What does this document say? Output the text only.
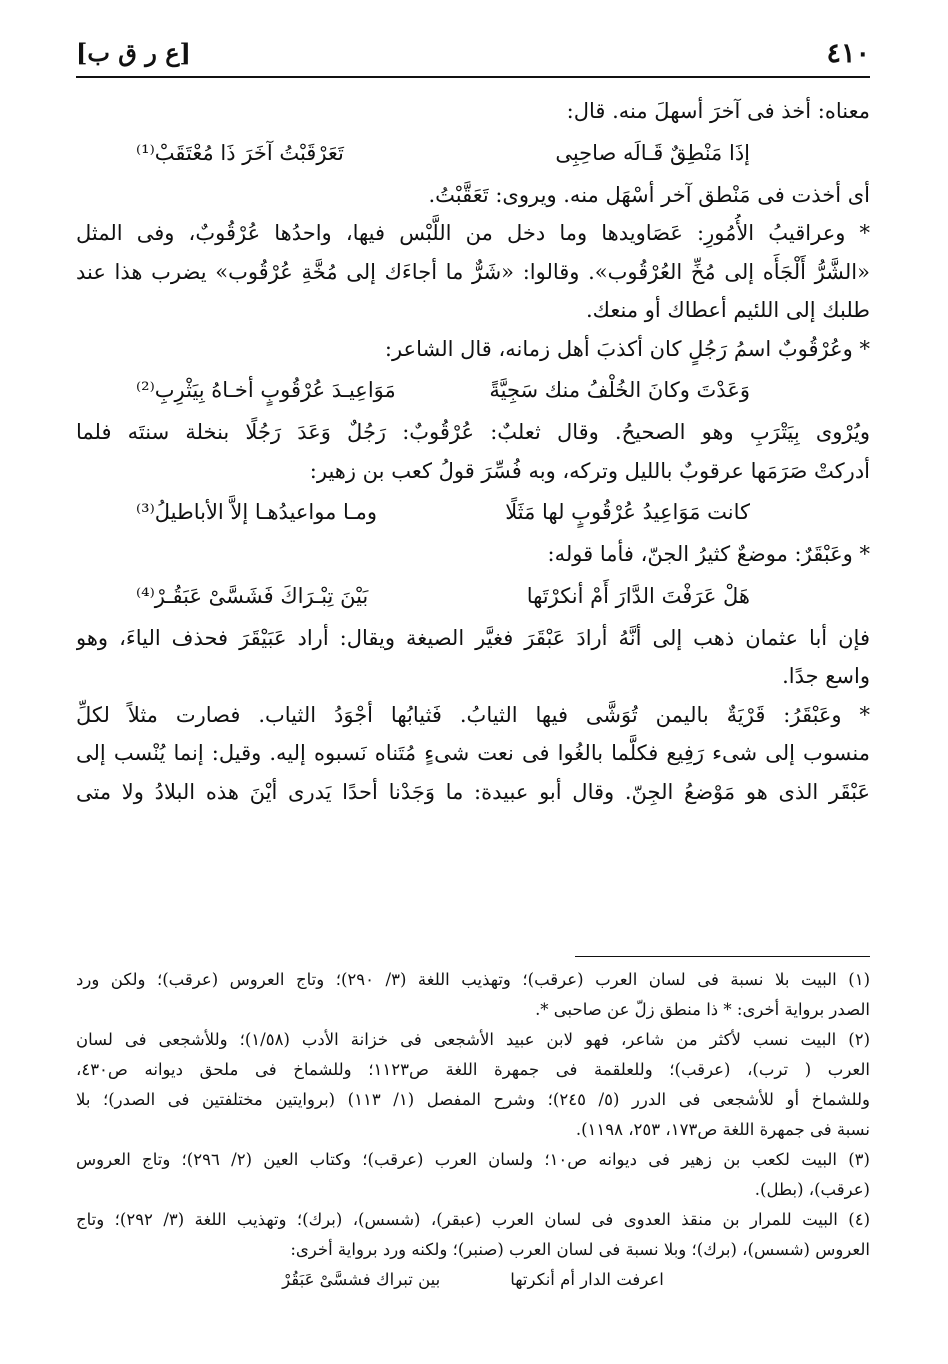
٤١٠
[ع ر ق ب]
معناه: أخذ فى آخرَ أسهلَ منه. قال:
إذَا مَنْطِقٌ قَـالَه صاحِبِى
تَعَرْقَبْتُ آخَرَ ذَا مُعْتَقَبْ⁽¹⁾
أى أخذت فى مَنْطق آخر أسْهَل منه. ويروى: تَعَقَّبْتُ.
* وعراقيبُ الأُمُورِ: عَصَاويدها وما دخل من اللَّبْس فيها، واحدُها عُرْقُوبٌ، وفى المثل
«الشَّرُّ أَلْجَأَه إلى مُخِّ العُرْقُوب». وقالوا: «شَرٌّ ما أجاءَك إلى مُخَّةِ عُرْقُوب» يضرب هذا عند
طلبك إلى اللئيم أعطاك أو منعك.
* وعُرْقُوبٌ اسمُ رَجُلٍ كان أكذبَ أهل زمانه، قال الشاعر:
وَعَدْتَ وكانَ الخُلْفُ منك سَجِيَّةً
مَوَاعِيـدَ عُرْقُوبٍ أخـاهُ بِيَثْرِبِ⁽²⁾
ويُرْوى بِيَتْرَبِ وهو الصحيحُ. وقال ثعلبٌ: عُرْقُوبٌ: رَجُلٌ وَعَدَ رَجُلًا بنخلة سنتَه فلما
أدركتْ صَرَمَها عرقوبٌ بالليل وتركه، وبه فُسِّرَ قولُ كعب بن زهير:
كانت مَوَاعِيدُ عُرْقُوبٍ لها مَثَلًا
ومـا مواعيدُهـا إلاَّ الأباطيلُ⁽³⁾
* وعَبْقَرٌ: موضعٌ كثيرُ الجنّ، فأما قوله:
هَلْ عَرَفْتَ الدَّارَ أَمْ أنكرْتَها
بَيْنَ تِبْـرَاكَ فَشَسَّىْ عَبَقُـرْ⁽⁴⁾
فإن أبا عثمان ذهب إلى أنَّهُ أرادَ عَبْقَرَ فغيَّر الصيغة ويقال: أراد عَبَيْقَرَ فحذف الياءَ، وهو
واسع جدًا.
* وعَبْقَرُ: قَرْيَةٌ باليمن تُوَشَّى فيها الثيابُ. فَثيابُها أجْوَدُ الثياب. فصارت مثلاً لكلِّ
منسوب إلى شىء رَفِيع فكلَّما بالغُوا فى نعت شىءٍ مُتَناه نَسبوه إليه. وقيل: إنما يُنْسب إلى
عَبْقَر الذى هو مَوْضعُ الجِنّ. وقال أبو عبيدة: ما وَجَدْنا أحدًا يَدرى أيْنَ هذه البلادُ ولا متى
(١) البيت بلا نسبة فى لسان العرب (عرقب)؛ وتهذيب اللغة (٣/ ٢٩٠)؛ وتاج العروس (عرقب)؛ ولكن ورد
الصدر برواية أخرى: * ذا منطق زلّ عن صاحبى *.
(٢) البيت نسب لأكثر من شاعر، فهو لابن عبيد الأشجعى فى خزانة الأدب (١/٥٨)؛ وللأشجعى فى لسان
العرب ( ترب)، (عرقب)؛ وللعلقمة فى جمهرة اللغة ص١١٢٣؛ وللشماخ فى ملحق ديوانه ص٤٣٠،
وللشماخ أو للأشجعى فى الدرر (٥/ ٢٤٥)؛ وشرح المفصل (١/ ١١٣) (بروايتين مختلفتين فى الصدر)؛ بلا
نسبة فى جمهرة اللغة ص١٧٣، ٢٥٣، ١١٩٨).
(٣) البيت لكعب بن زهير فى ديوانه ص١٠؛ ولسان العرب (عرقب)؛ وكتاب العين (٢/ ٢٩٦)؛ وتاج العروس
(عرقب)، (بطل).
(٤) البيت للمرار بن منقذ العدوى فى لسان العرب (عبقر)، (شسس)، (برك)؛ وتهذيب اللغة (٣/ ٢٩٢)؛ وتاج
العروس (شسس)، (برك)؛ وبلا نسبة فى لسان العرب (صنبر)؛ ولكنه ورد برواية أخرى:
اعرفت الدار أم أنكرتها
بين تبراك فشسَّىْ عَبَقُرْ
